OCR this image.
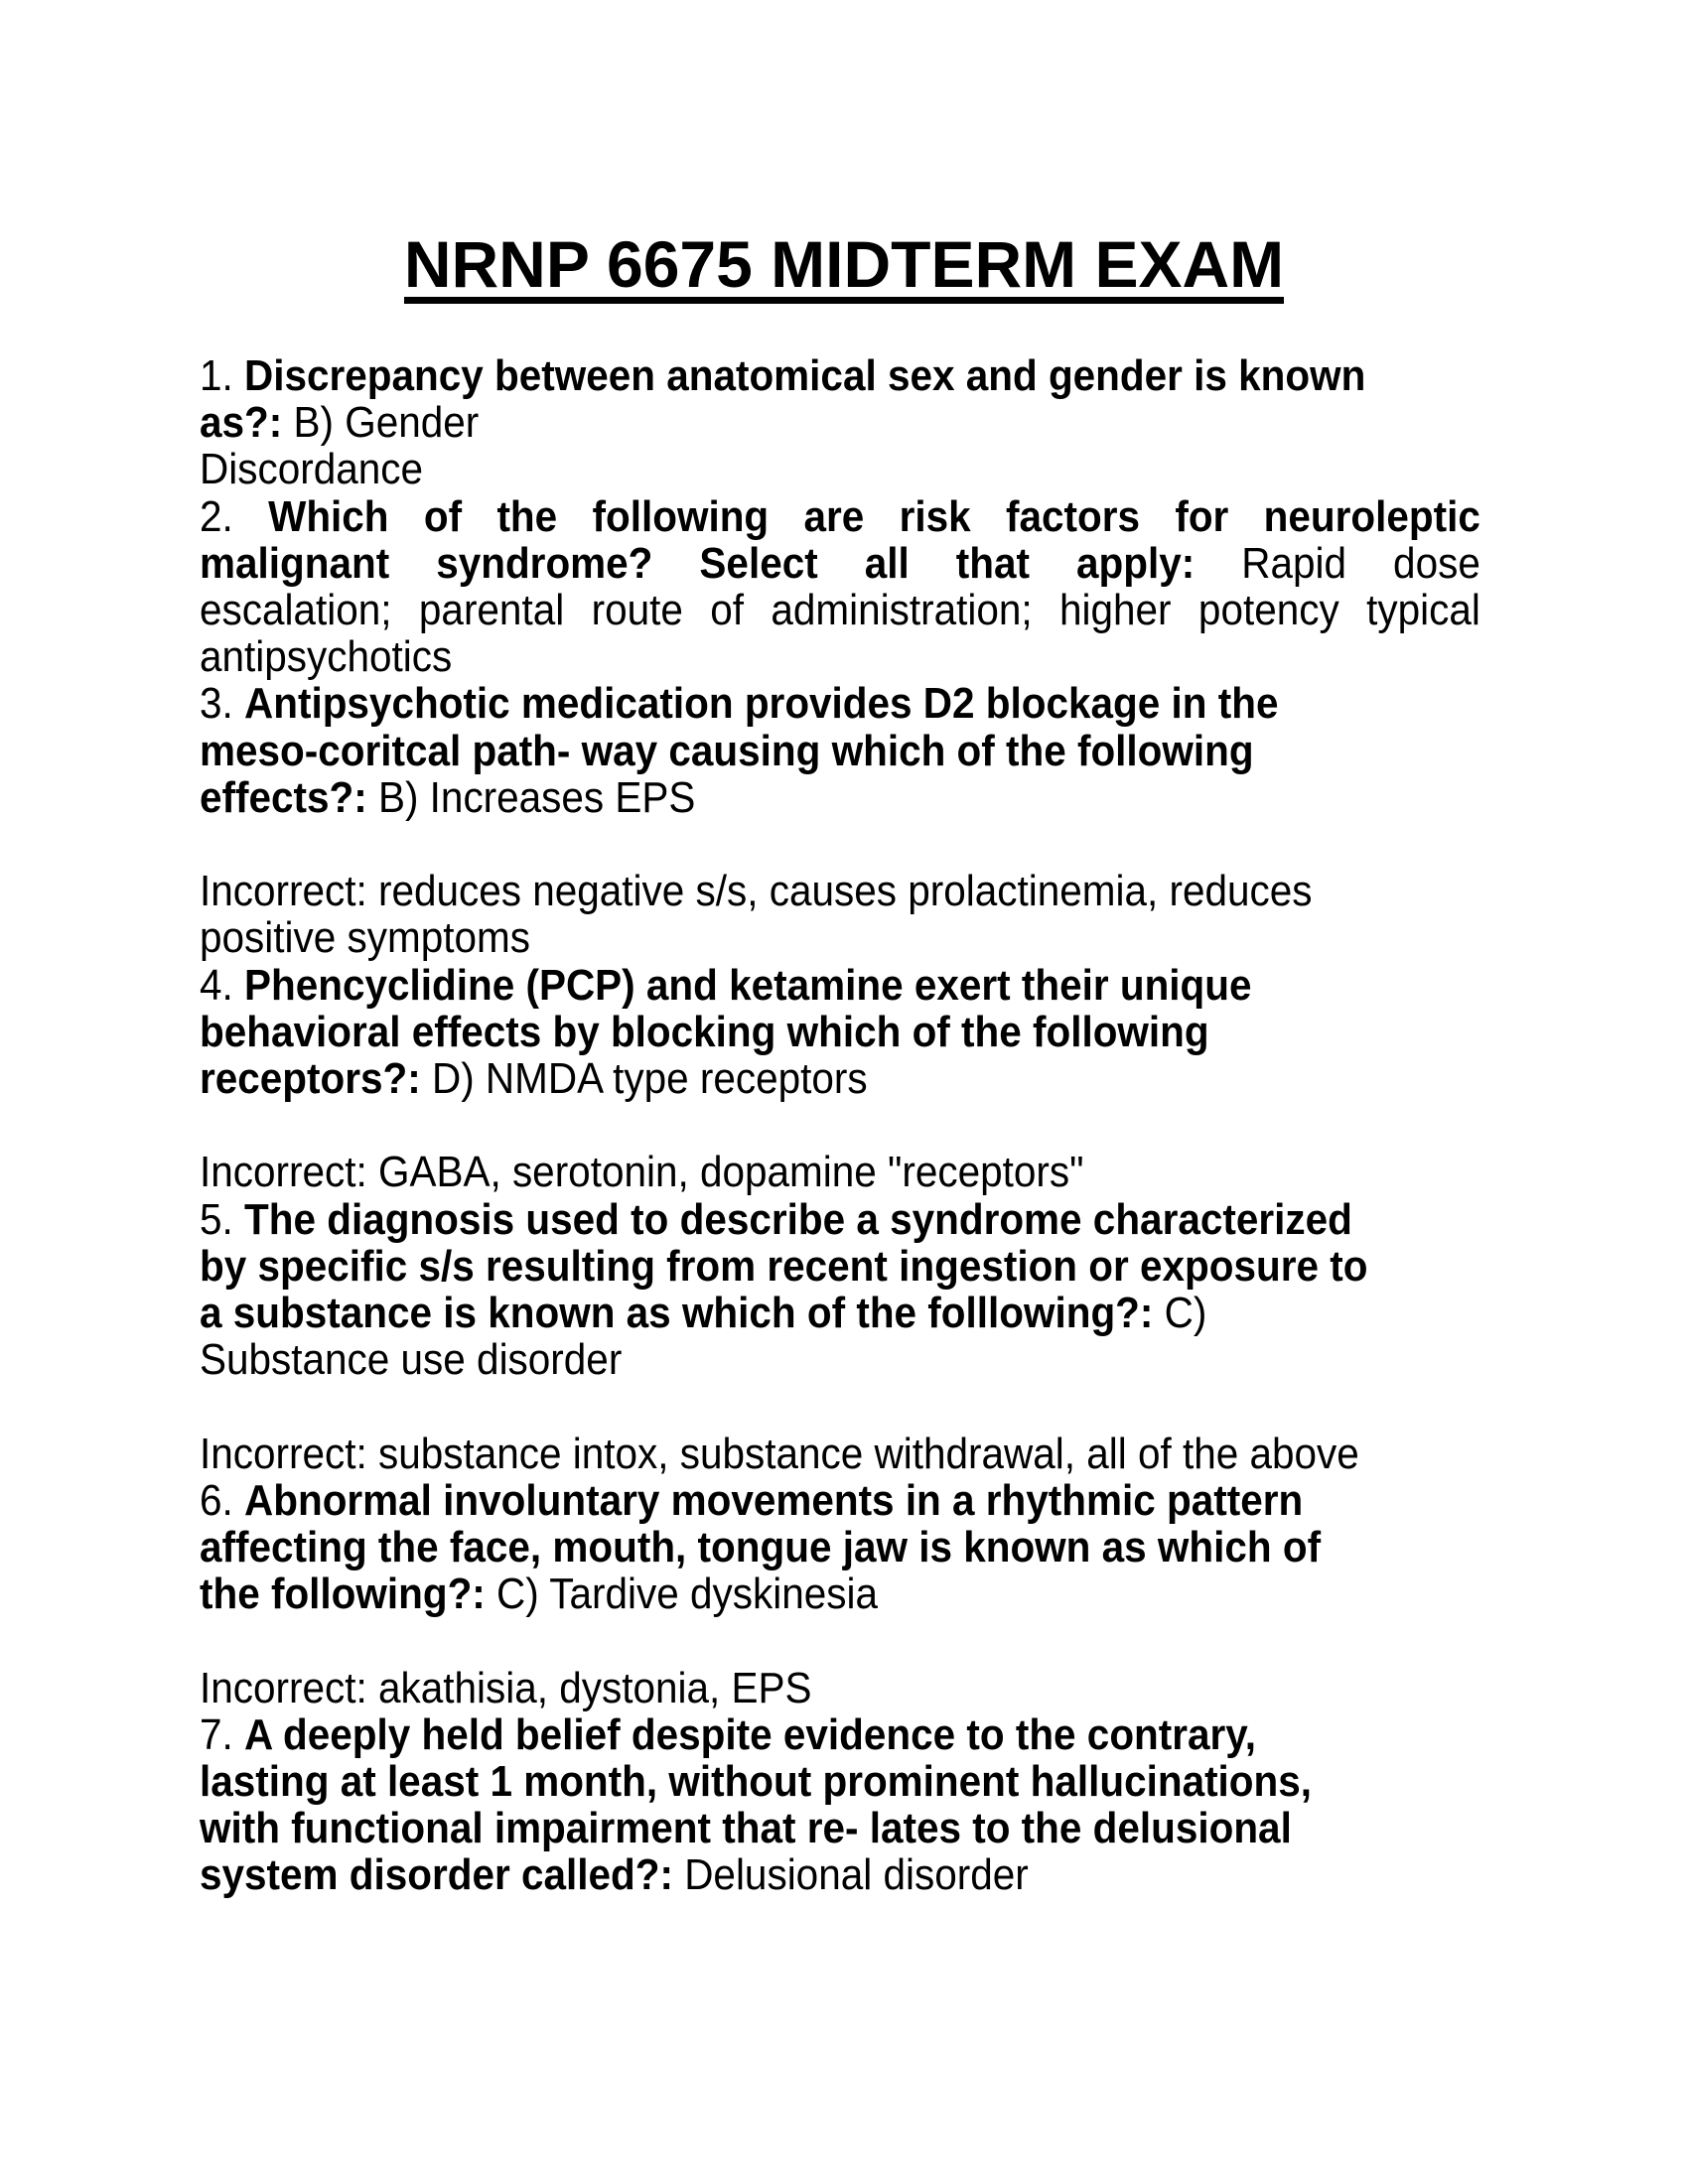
NRNP 6675 MIDTERM EXAM
1. Discrepancy between anatomical sex and gender is known
as?: B) Gender
Discordance
2. Which of the following are risk factors for neuroleptic
malignant syndrome? Select all that apply: Rapid dose
escalation; parental route of administration; higher potency typical
antipsychotics
3. Antipsychotic medication provides D2 blockage in the
meso-coritcal path- way causing which of the following
effects?: B) Increases EPS
Incorrect: reduces negative s/s, causes prolactinemia, reduces
positive symptoms
4. Phencyclidine (PCP) and ketamine exert their unique
behavioral effects by blocking which of the following
receptors?: D) NMDA type receptors
Incorrect: GABA, serotonin, dopamine "receptors"
5. The diagnosis used to describe a syndrome characterized
by specific s/s resulting from recent ingestion or exposure to
a substance is known as which of the folllowing?: C)
Substance use disorder
Incorrect: substance intox, substance withdrawal, all of the above
6. Abnormal involuntary movements in a rhythmic pattern
affecting the face, mouth, tongue jaw is known as which of
the following?: C) Tardive dyskinesia
Incorrect: akathisia, dystonia, EPS
7. A deeply held belief despite evidence to the contrary,
lasting at least 1 month, without prominent hallucinations,
with functional impairment that re- lates to the delusional
system disorder called?: Delusional disorder
